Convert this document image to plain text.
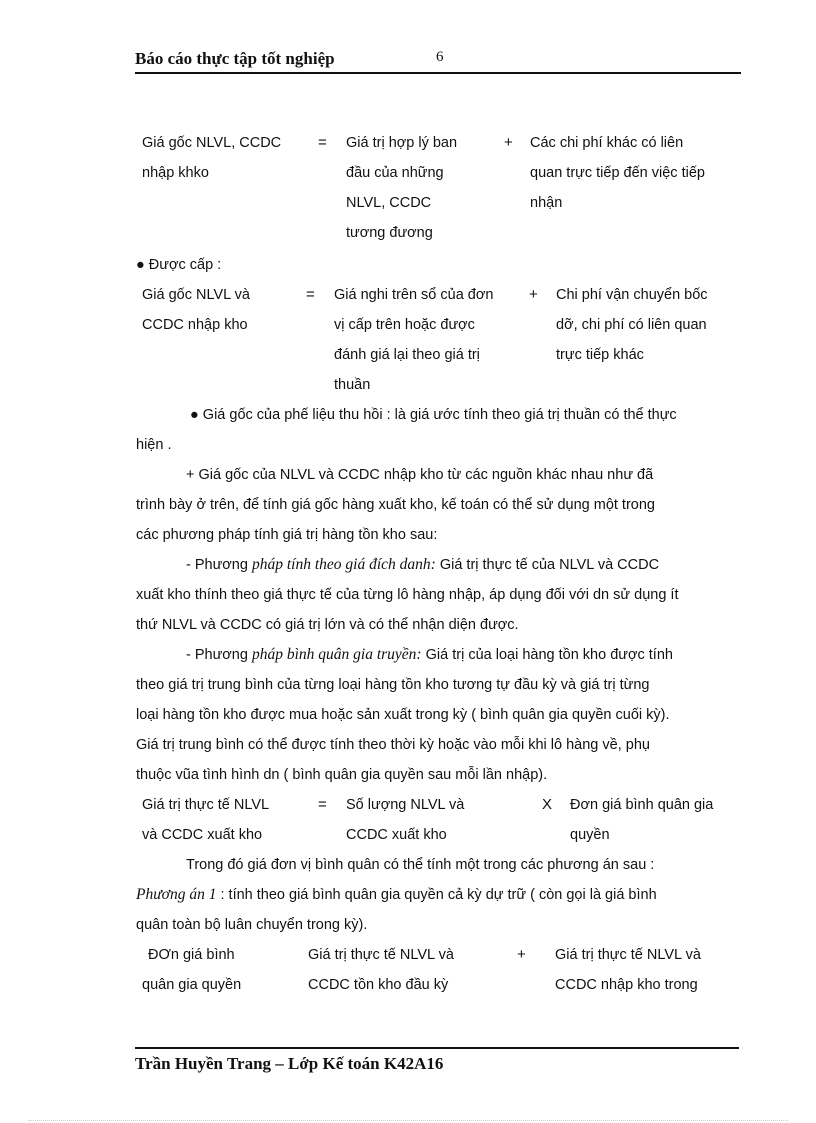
Báo cáo thực tập tốt nghiệp	6
Giá gốc NLVL, CCDC
nhập khko
= Giá trị hợp lý ban
đầu của những
NLVL, CCDC
tương đương
+ Các chi phí khác có liên
quan trực tiếp đến việc tiếp
nhận
● Được cấp :
Giá gốc NLVL và
CCDC nhập kho
= Giá nghi trên sổ của đơn
vị cấp trên hoặc được
đánh giá lại theo giá trị
thuần
+ Chi phí vận chuyển bốc
dỡ, chi phí có liên quan
trực tiếp khác
● Giá gốc của phế liệu thu hồi : là giá ước tính theo giá trị thuần có thể thực
hiện .
+ Giá gốc của NLVL và CCDC nhập kho từ các nguồn khác nhau như đã
trình bày ở trên, để tính giá gốc hàng xuất kho, kế toán có thể sử dụng một trong
các phương pháp tính giá trị hàng tồn kho sau:
- Phương pháp tính theo giá đích danh: Giá trị thực tế của NLVL và CCDC
xuất kho thính theo giá thực tế của từng lô hàng nhập, áp dụng đối với dn sử dụng ít
thứ NLVL và CCDC có giá trị lớn và có thể nhận diện được.
- Phương pháp bình quân gia truyền: Giá trị của loại hàng tồn kho được tính
theo giá trị trung bình của từng loại hàng tồn kho tương tự đầu kỳ và giá trị từng
loại hàng tồn kho được mua hoặc sản xuất trong kỳ ( bình quân gia quyền cuối kỳ).
Giá trị trung bình có thể được tính theo thời kỳ hoặc vào mỗi khi lô hàng về, phụ
thuộc vũa tình hình dn ( bình quân gia quyền sau mỗi lần nhập).
Giá trị thực tế NLVL
và CCDC xuất kho
= Số lượng NLVL và
CCDC xuất kho
X Đơn giá bình quân gia
quyền
Trong đó giá đơn vị bình quân có thể tính một trong các phương án sau :
Phương án 1 : tính theo giá bình quân gia quyền cả kỳ dự trữ ( còn gọi là giá bình
quân toàn bộ luân chuyển trong kỳ).
ĐƠn giá bình
quân gia quyền
Giá trị thực tế NLVL và
CCDC tồn kho đầu kỳ
+ Giá trị thực tế NLVL và
CCDC nhập kho trong
Trần Huyền Trang – Lớp Kế toán K42A16
